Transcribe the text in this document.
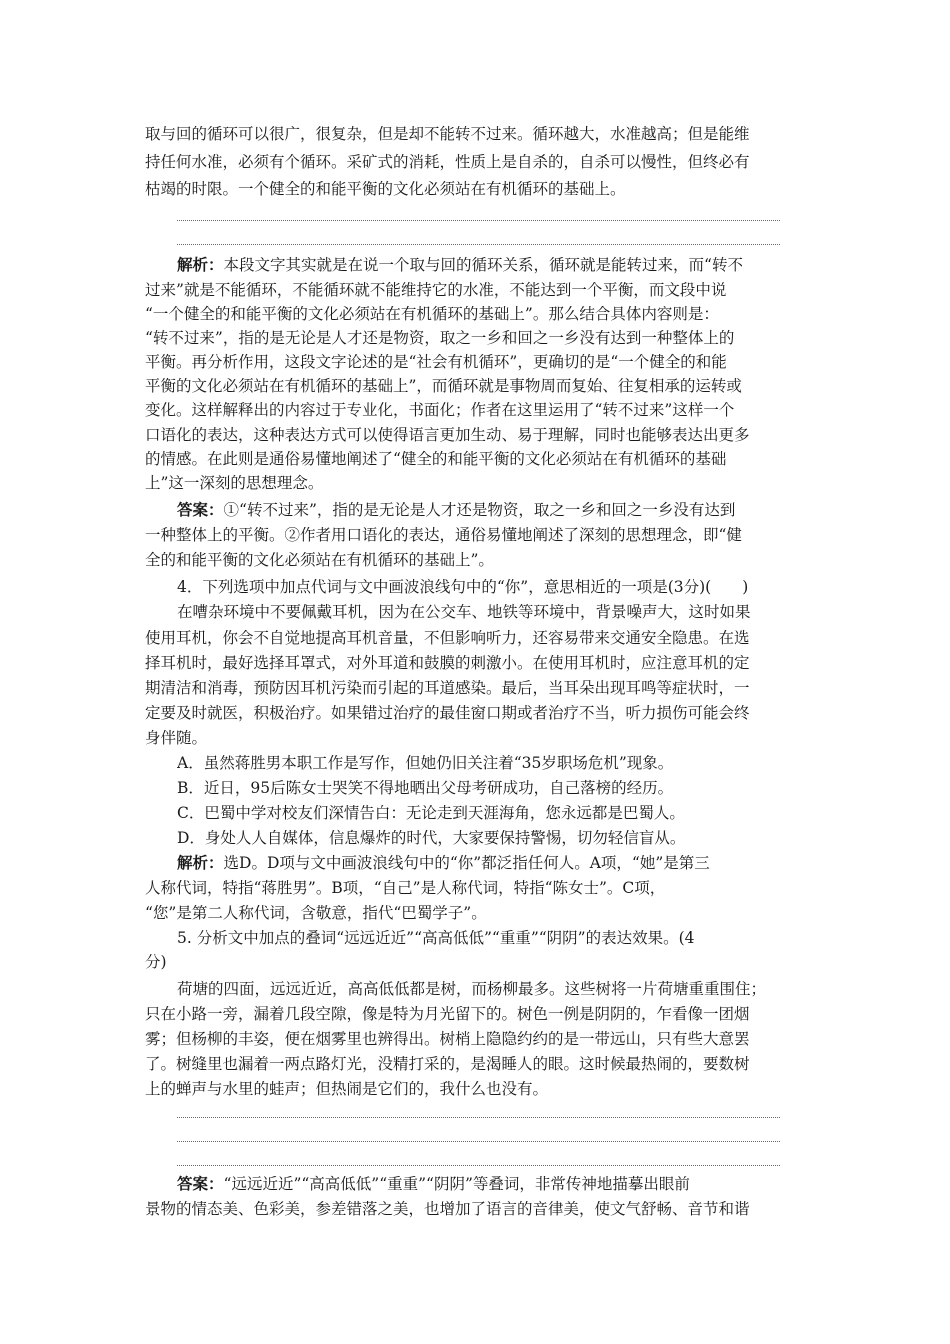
取与回的循环可以很广，很复杂，但是却不能转不过来。循环越大，水准越高；但是能维
持任何水准，必须有个循环。采矿式的消耗，性质上是自杀的，自杀可以慢性，但终必有
枯竭的时限。一个健全的和能平衡的文化必须站在有机循环的基础上。
解析：本段文字其实就是在说一个取与回的循环关系，循环就是能转过来，而“转不
过来”就是不能循环，不能循环就不能维持它的水准，不能达到一个平衡，而文段中说
“一个健全的和能平衡的文化必须站在有机循环的基础上”。那么结合具体内容则是：
“转不过来”，指的是无论是人才还是物资，取之一乡和回之一乡没有达到一种整体上的
平衡。再分析作用，这段文字论述的是“社会有机循环”，更确切的是“一个健全的和能
平衡的文化必须站在有机循环的基础上”，而循环就是事物周而复始、往复相承的运转或
变化。这样解释出的内容过于专业化，书面化；作者在这里运用了“转不过来”这样一个
口语化的表达，这种表达方式可以使得语言更加生动、易于理解，同时也能够表达出更多
的情感。在此则是通俗易懂地阐述了“健全的和能平衡的文化必须站在有机循环的基础
上”这一深刻的思想理念。
答案：①“转不过来”，指的是无论是人才还是物资，取之一乡和回之一乡没有达到
一种整体上的平衡。②作者用口语化的表达，通俗易懂地阐述了深刻的思想理念，即“健
全的和能平衡的文化必须站在有机循环的基础上”。
4．下列选项中加点代词与文中画波浪线句中的“你”，意思相近的一项是(3分)(　　)
在嘈杂环境中不要佩戴耳机，因为在公交车、地铁等环境中，背景噪声大，这时如果
使用耳机，你会不自觉地提高耳机音量，不但影响听力，还容易带来交通安全隐患。在选
择耳机时，最好选择耳罩式，对外耳道和鼓膜的刺激小。在使用耳机时，应注意耳机的定
期清洁和消毒，预防因耳机污染而引起的耳道感染。最后，当耳朵出现耳鸣等症状时，一
定要及时就医，积极治疗。如果错过治疗的最佳窗口期或者治疗不当，听力损伤可能会终
身伴随。
A．虽然蒋胜男本职工作是写作，但她仍旧关注着“35岁职场危机”现象。
B．近日，95后陈女士哭笑不得地晒出父母考研成功，自己落榜的经历。
C．巴蜀中学对校友们深情告白：无论走到天涯海角，您永远都是巴蜀人。
D．身处人人自媒体，信息爆炸的时代，大家要保持警惕，切勿轻信盲从。
解析：选D。D项与文中画波浪线句中的“你”都泛指任何人。A项，“她”是第三
人称代词，特指“蒋胜男”。B项，“自己”是人称代词，特指“陈女士”。C项，
“您”是第二人称代词，含敬意，指代“巴蜀学子”。
5. 分析文中加点的叠词“远远近近”“高高低低”“重重”“阴阴”的表达效果。(4
分)
荷塘的四面，远远近近，高高低低都是树，而杨柳最多。这些树将一片荷塘重重围住；
只在小路一旁，漏着几段空隙，像是特为月光留下的。树色一例是阴阴的，乍看像一团烟
雾；但杨柳的丰姿，便在烟雾里也辨得出。树梢上隐隐约约的是一带远山，只有些大意罢
了。树缝里也漏着一两点路灯光，没精打采的，是渴睡人的眼。这时候最热闹的，要数树
上的蝉声与水里的蛙声；但热闹是它们的，我什么也没有。
答案：“远远近近”“高高低低”“重重”“阴阴”等叠词，非常传神地描摹出眼前
景物的情态美、色彩美，参差错落之美，也增加了语言的音律美，使文气舒畅、音节和谐
